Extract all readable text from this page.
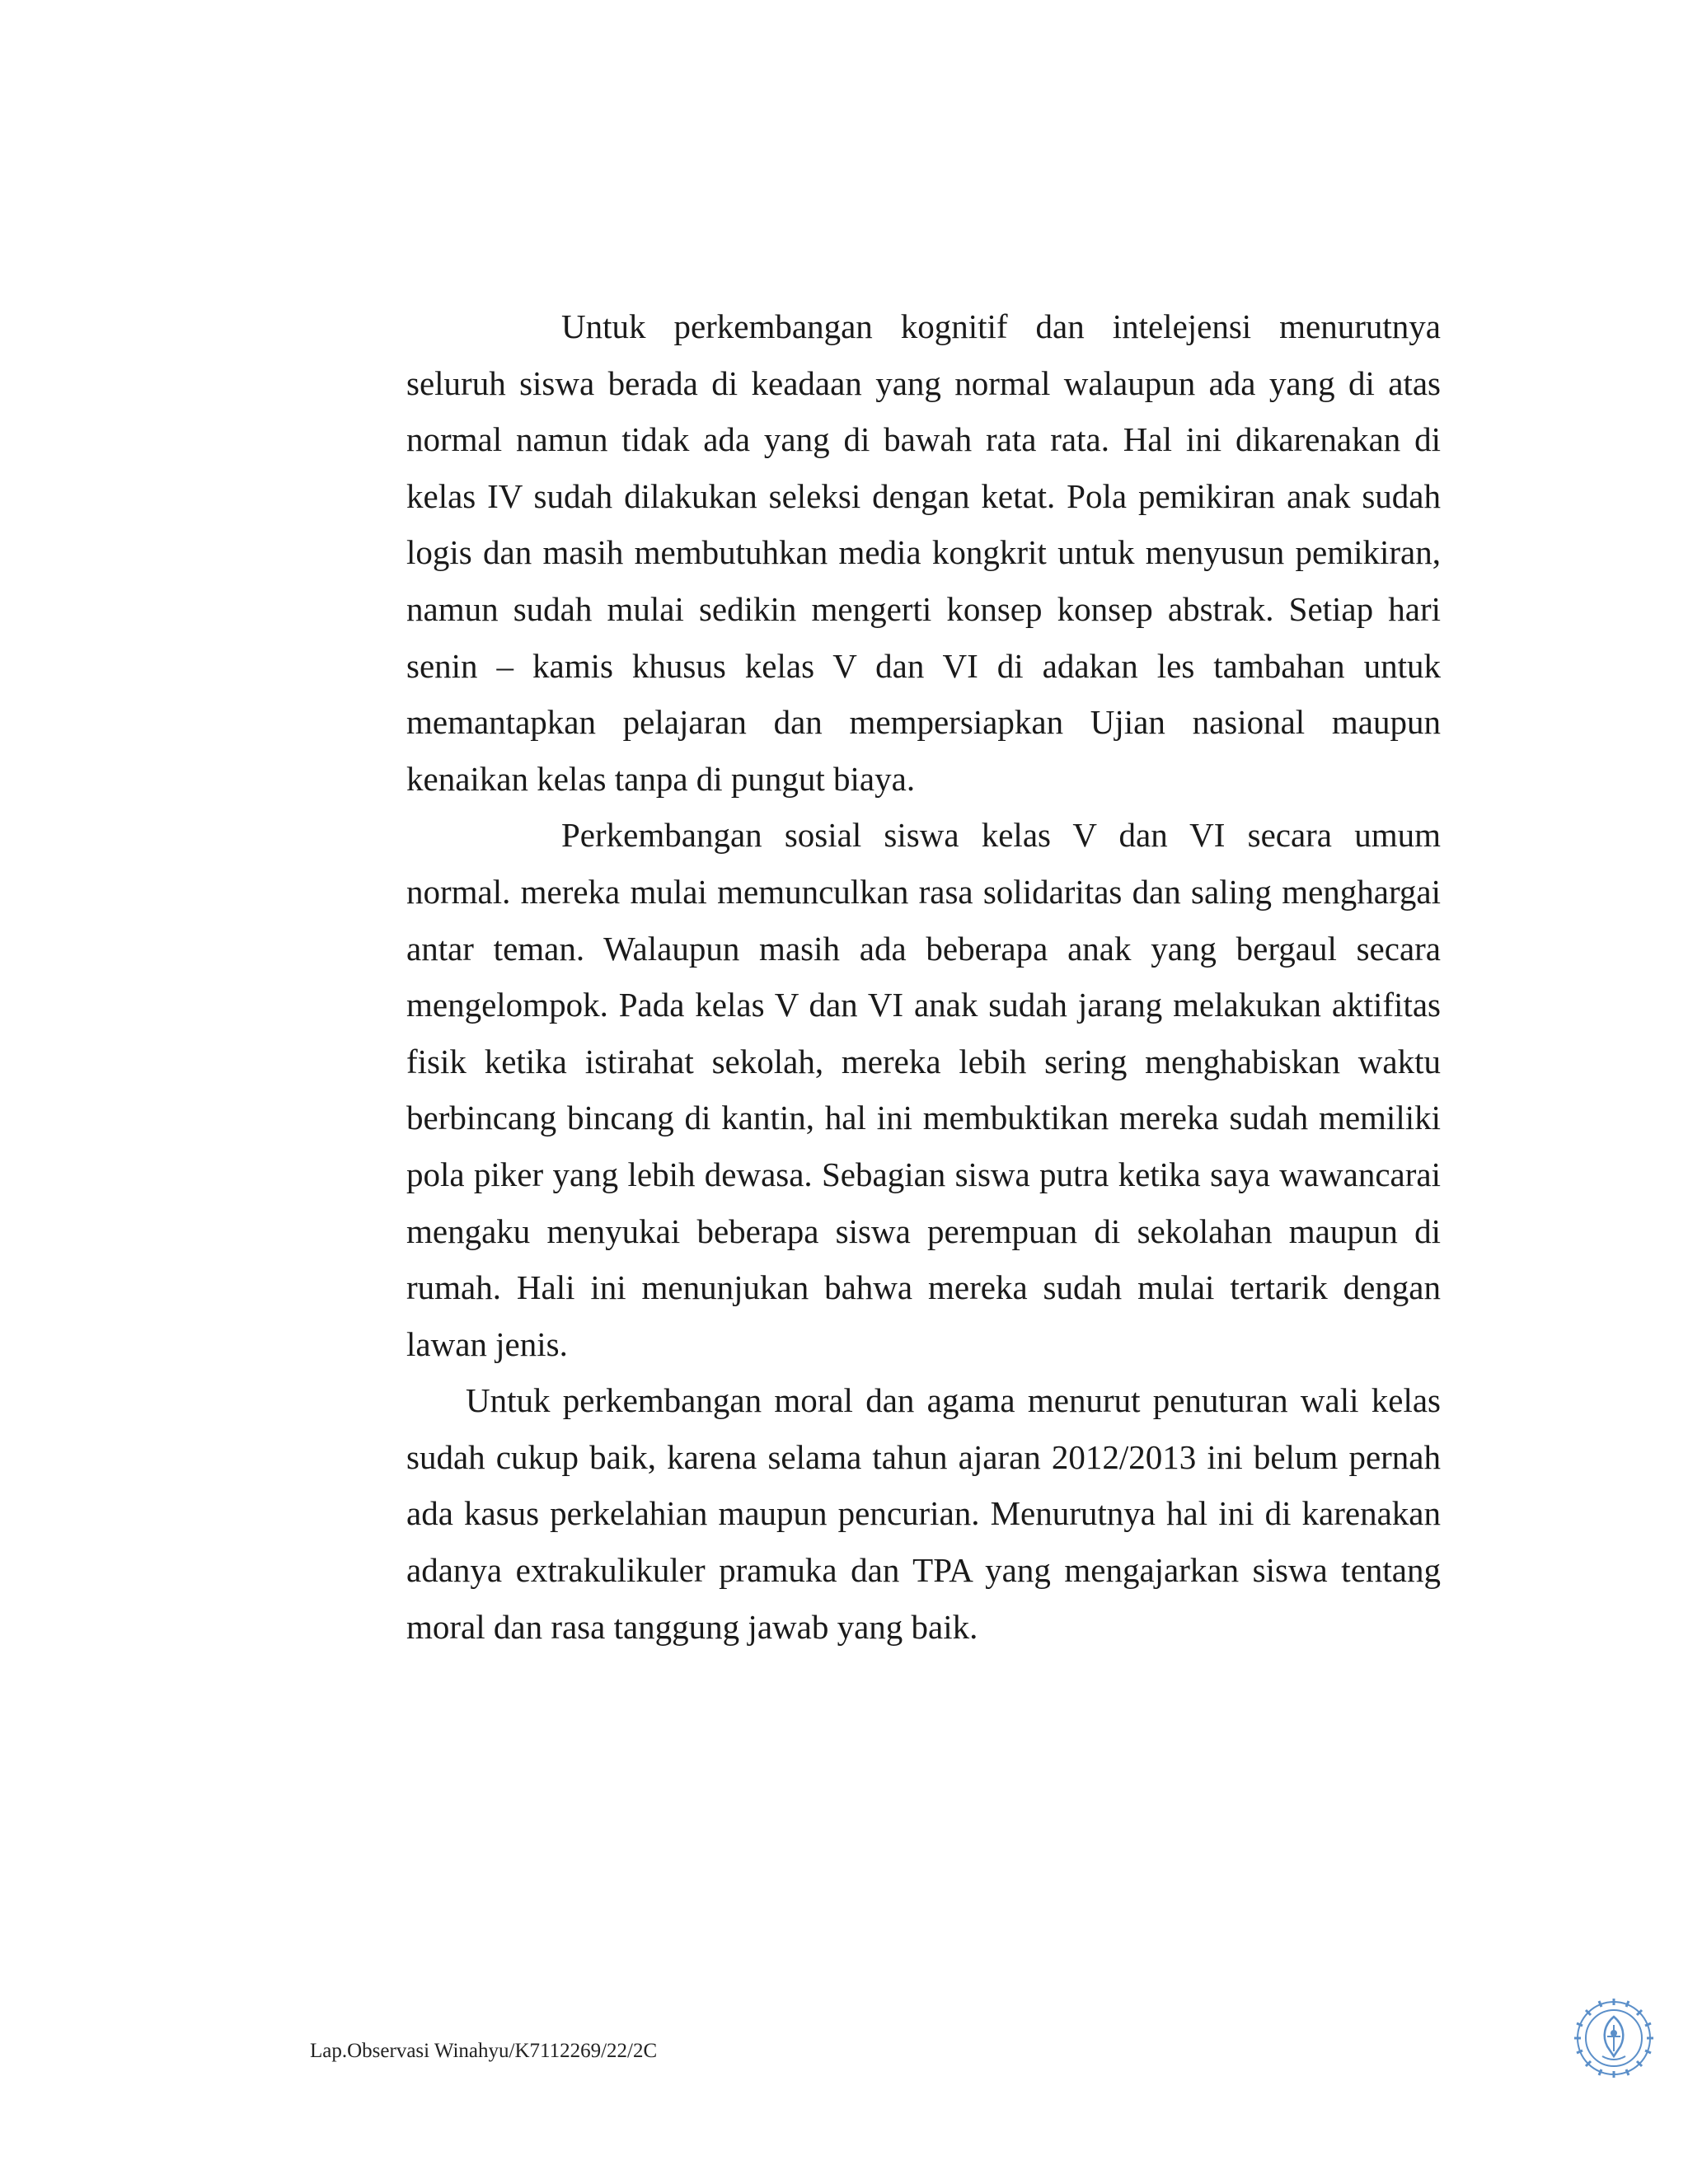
Untuk perkembangan kognitif dan intelejensi menurutnya seluruh siswa berada di keadaan yang normal walaupun ada yang di atas normal namun tidak ada yang di bawah rata rata. Hal ini dikarenakan di kelas IV sudah dilakukan seleksi dengan ketat. Pola pemikiran anak sudah logis dan masih membutuhkan media kongkrit untuk menyusun pemikiran, namun sudah mulai sedikin mengerti konsep konsep abstrak. Setiap hari senin – kamis khusus kelas V dan VI di adakan les tambahan untuk memantapkan pelajaran dan mempersiapkan Ujian nasional maupun kenaikan kelas tanpa di pungut biaya.

Perkembangan sosial siswa kelas V dan VI secara umum normal. mereka mulai memunculkan rasa solidaritas dan saling menghargai antar teman. Walaupun masih ada beberapa anak yang bergaul secara mengelompok. Pada kelas V dan VI anak sudah jarang melakukan aktifitas fisik ketika istirahat sekolah, mereka lebih sering menghabiskan waktu berbincang bincang di kantin, hal ini membuktikan mereka sudah memiliki pola piker yang lebih dewasa. Sebagian siswa putra ketika saya wawancarai mengaku menyukai beberapa siswa perempuan di sekolahan maupun di rumah. Hali ini menunjukan bahwa mereka sudah mulai tertarik dengan lawan jenis.

Untuk perkembangan moral dan agama menurut penuturan wali kelas sudah cukup baik, karena selama tahun ajaran 2012/2013 ini belum pernah ada kasus perkelahian maupun pencurian. Menurutnya hal ini di karenakan adanya extrakulikuler pramuka dan TPA yang mengajarkan siswa tentang moral dan rasa tanggung jawab yang baik.

Lap.Observasi Winahyu/K7112269/22/2C
